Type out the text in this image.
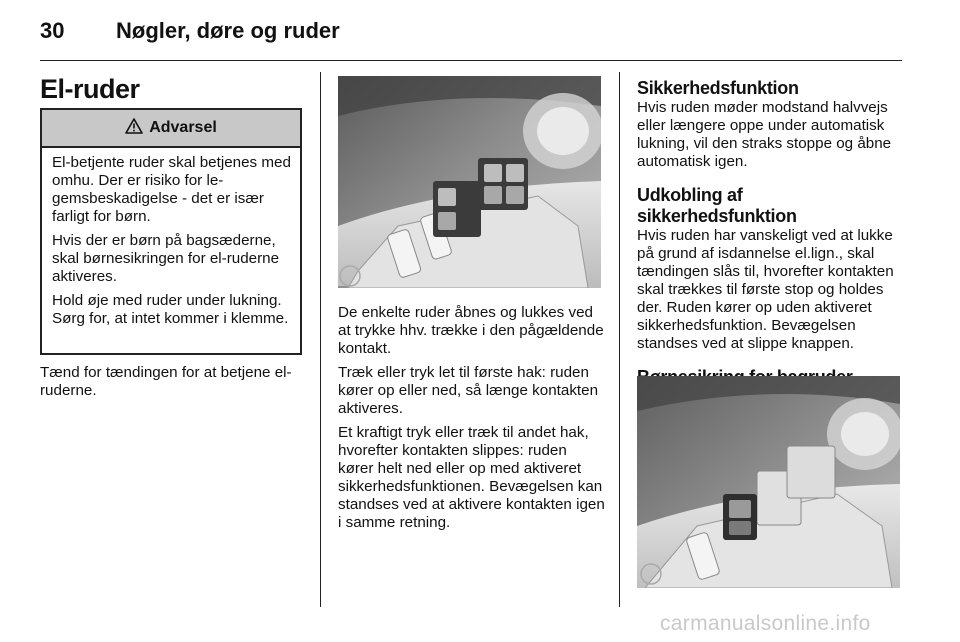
30 Nøgler, døre og ruder
El-ruder
Advarsel

El-betjente ruder skal betjenes med omhu. Der er risiko for legemsbeskadigelse - det er især farligt for børn.

Hvis der er børn på bagsæderne, skal børnesikringen for el-ruderne aktiveres.

Hold øje med ruder under lukning. Sørg for, at intet kommer i klemme.

Tænd for tændingen for at betjene elruderne.

De enkelte ruder åbnes og lukkes ved at trykke hhv. trække i den pågældende kontakt.

Træk eller tryk let til første hak: ruden kører op eller ned, så længe kontakten aktiveres.

Et kraftigt tryk eller træk til andet hak, hvorefter kontakten slippes: ruden kører helt ned eller op med aktiveret sikkerhedsfunktionen. Bevægelsen kan standses ved at aktivere kontakten igen i samme retning.

Sikkerhedsfunktion

Hvis ruden møder modstand halvvejs eller længere oppe under automatisk lukning, vil den straks stoppe og åbne automatisk igen.

Udkobling af sikkerhedsfunktion

Hvis ruden har vanskeligt ved at lukke på grund af isdannelse el.lign., skal tændingen slås til, hvorefter kontakten skal trækkes til første stop og holdes der. Ruden kører op uden aktiveret sikkerhedsfunktion. Bevægelsen standses ved at slippe knappen.

carmanualsonline.info
